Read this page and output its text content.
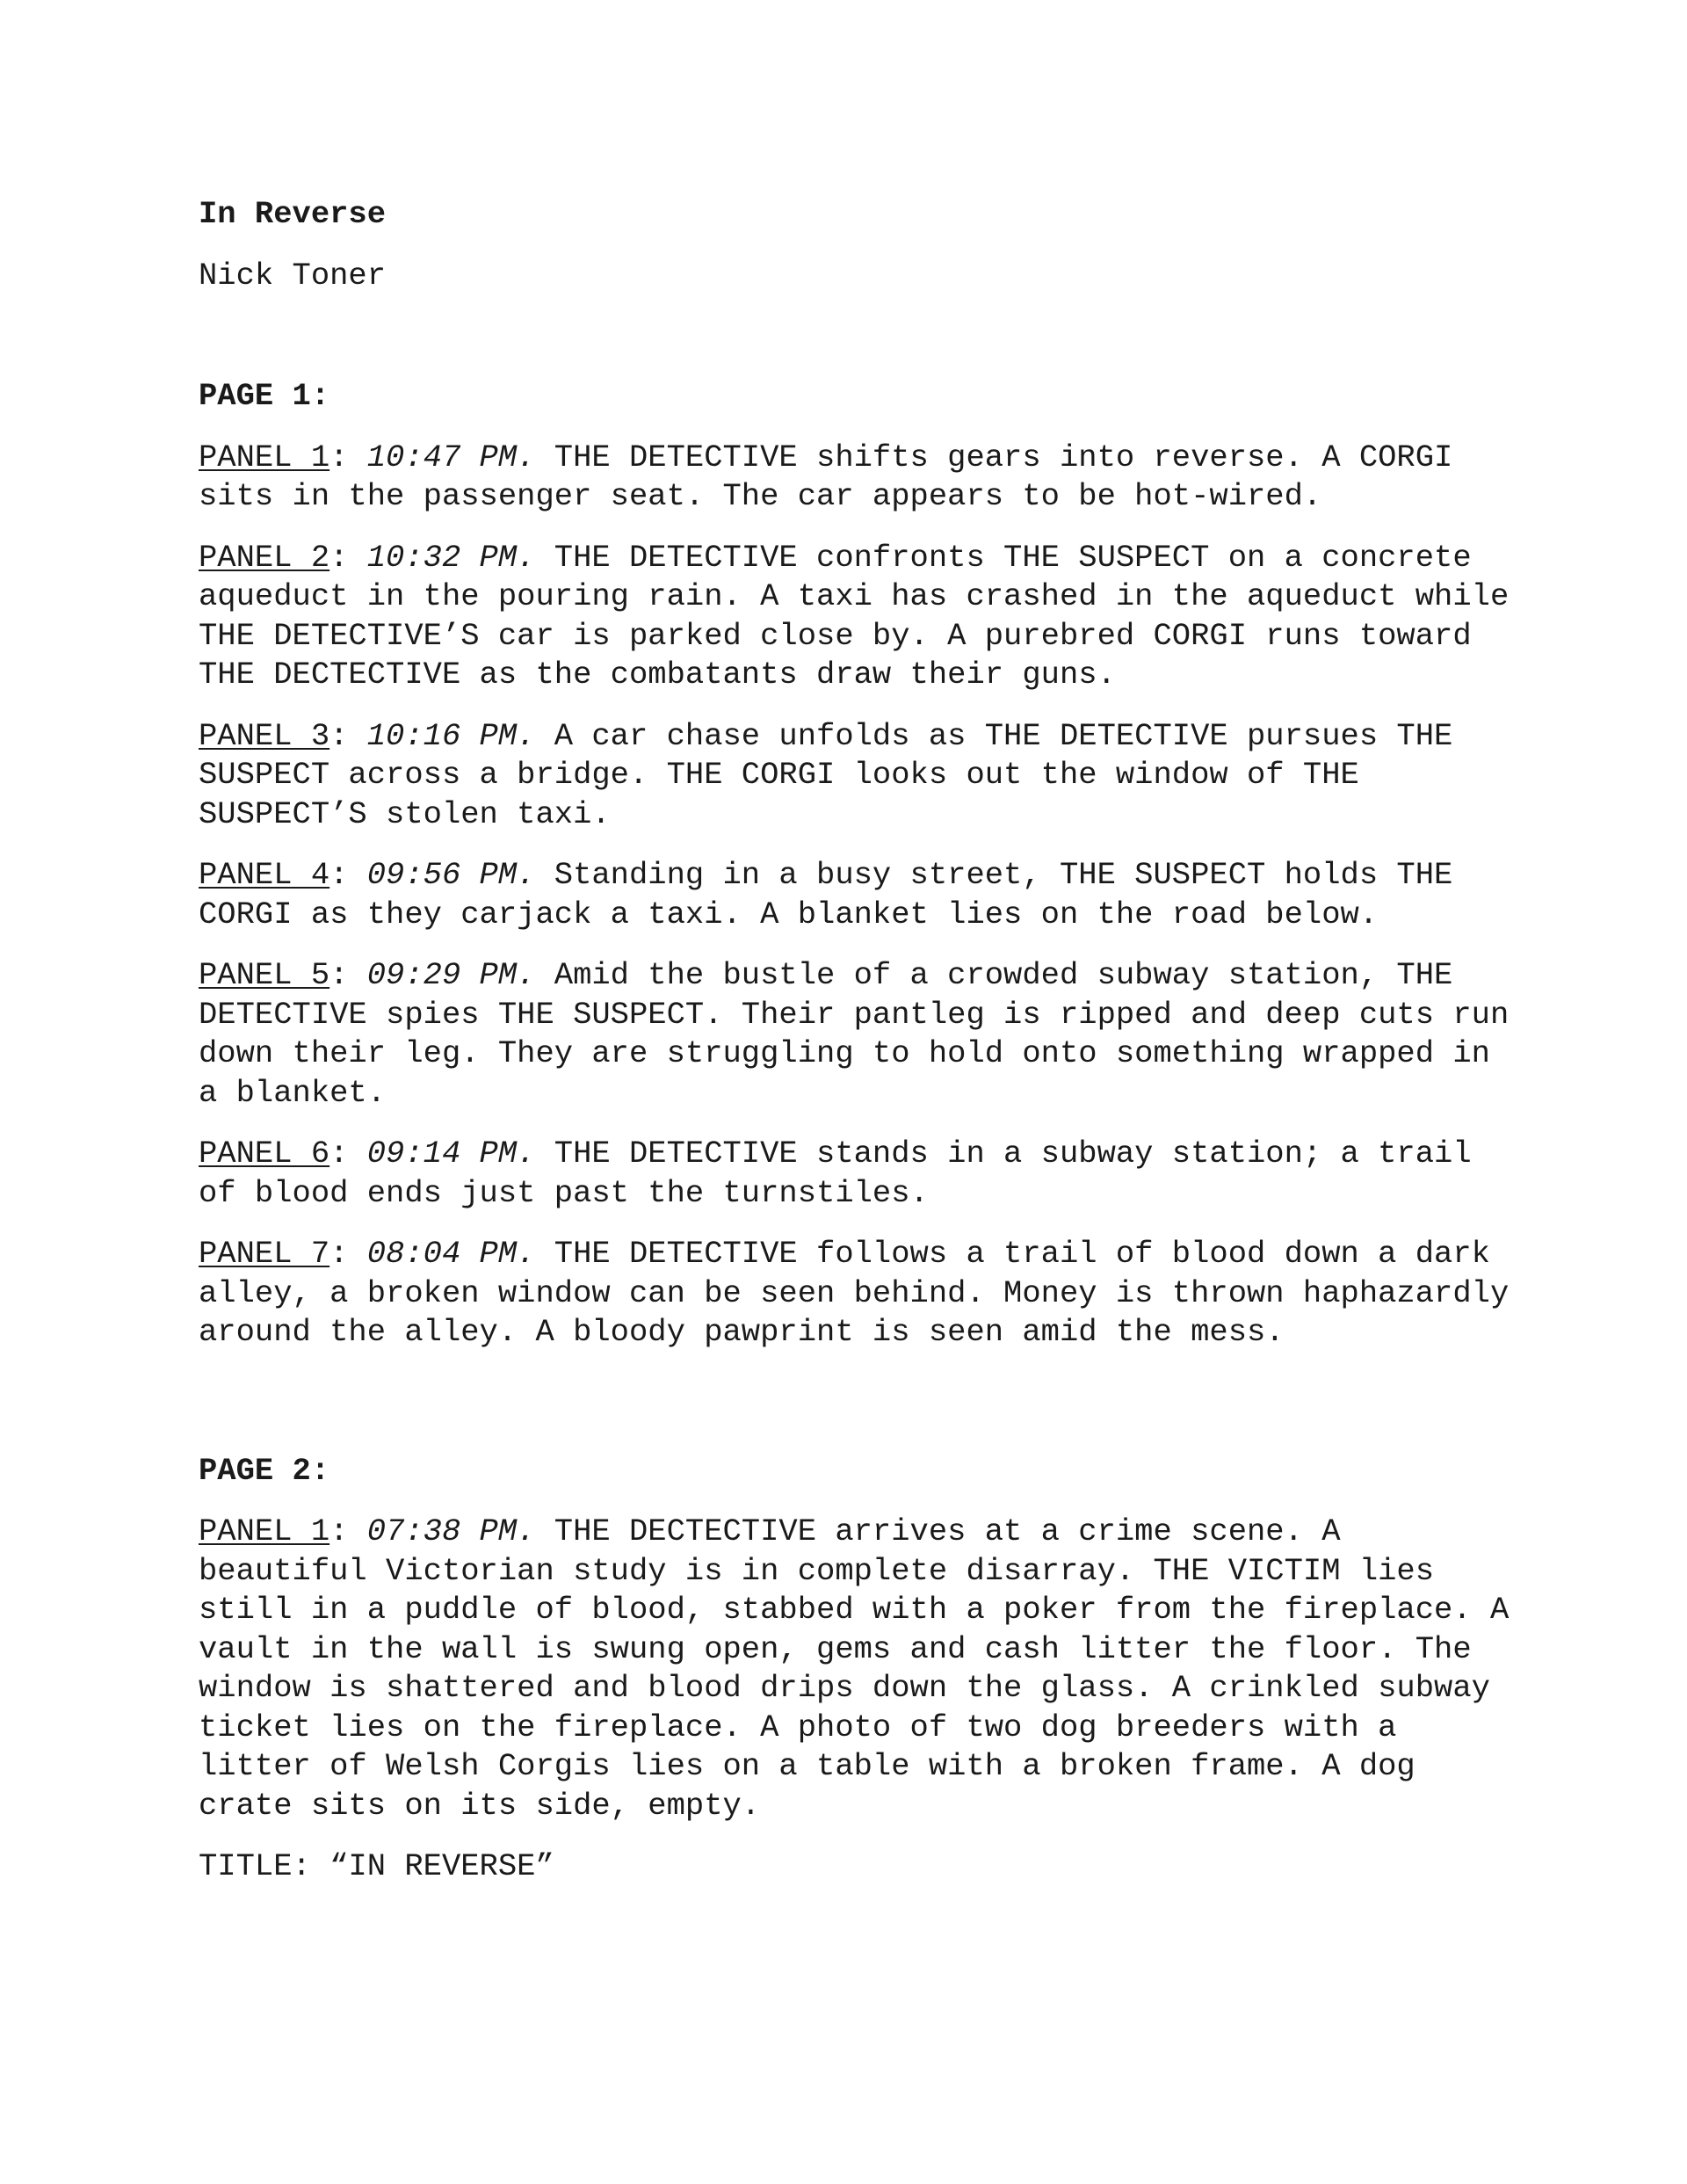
In Reverse
Nick Toner
PAGE 1:
PANEL 1: 10:47 PM. THE DETECTIVE shifts gears into reverse. A CORGI
sits in the passenger seat. The car appears to be hot-wired.
PANEL 2: 10:32 PM. THE DETECTIVE confronts THE SUSPECT on a concrete
aqueduct in the pouring rain. A taxi has crashed in the aqueduct while
THE DETECTIVE’S car is parked close by. A purebred CORGI runs toward
THE DECTECTIVE as the combatants draw their guns.
PANEL 3: 10:16 PM. A car chase unfolds as THE DETECTIVE pursues THE
SUSPECT across a bridge. THE CORGI looks out the window of THE
SUSPECT’S stolen taxi.
PANEL 4: 09:56 PM. Standing in a busy street, THE SUSPECT holds THE
CORGI as they carjack a taxi. A blanket lies on the road below.
PANEL 5: 09:29 PM. Amid the bustle of a crowded subway station, THE
DETECTIVE spies THE SUSPECT. Their pantleg is ripped and deep cuts run
down their leg. They are struggling to hold onto something wrapped in
a blanket.
PANEL 6: 09:14 PM. THE DETECTIVE stands in a subway station; a trail
of blood ends just past the turnstiles.
PANEL 7: 08:04 PM. THE DETECTIVE follows a trail of blood down a dark
alley, a broken window can be seen behind. Money is thrown haphazardly
around the alley. A bloody pawprint is seen amid the mess.
PAGE 2:
PANEL 1: 07:38 PM. THE DECTECTIVE arrives at a crime scene. A
beautiful Victorian study is in complete disarray. THE VICTIM lies
still in a puddle of blood, stabbed with a poker from the fireplace. A
vault in the wall is swung open, gems and cash litter the floor. The
window is shattered and blood drips down the glass. A crinkled subway
ticket lies on the fireplace. A photo of two dog breeders with a
litter of Welsh Corgis lies on a table with a broken frame. A dog
crate sits on its side, empty.
TITLE: “IN REVERSE”
